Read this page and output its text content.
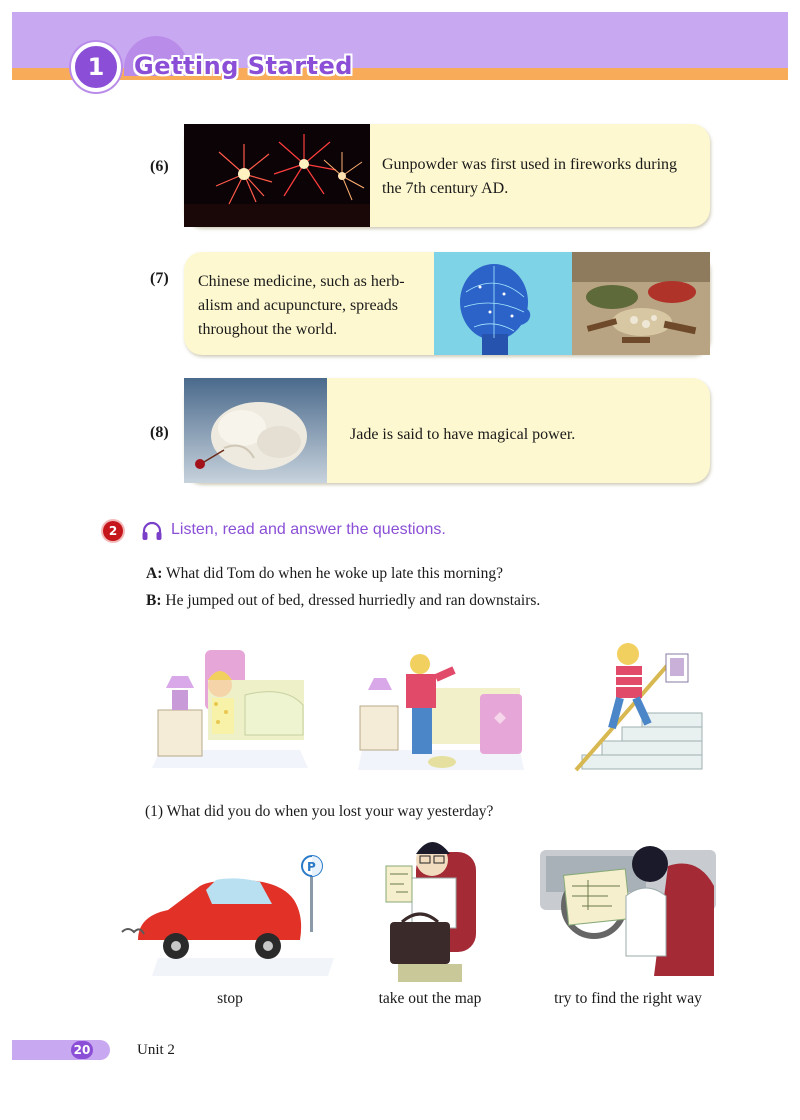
1	Getting Started
(6)	Gunpowder was first used in fireworks during
the 7th century AD.
(7) Chinese medicine, such as herb-
alism and acupuncture, spreads
throughout the world.
(8)	Jade is said to have magical power.
2	Listen, read and answer the questions.
A: What did Tom do when he woke up late this morning?
B: He jumped out of bed, dressed hurriedly and ran downstairs.
(1) What did you do when you lost your way yesterday?
P
stop	take out the map	try to find the right way
20	Unit 2
